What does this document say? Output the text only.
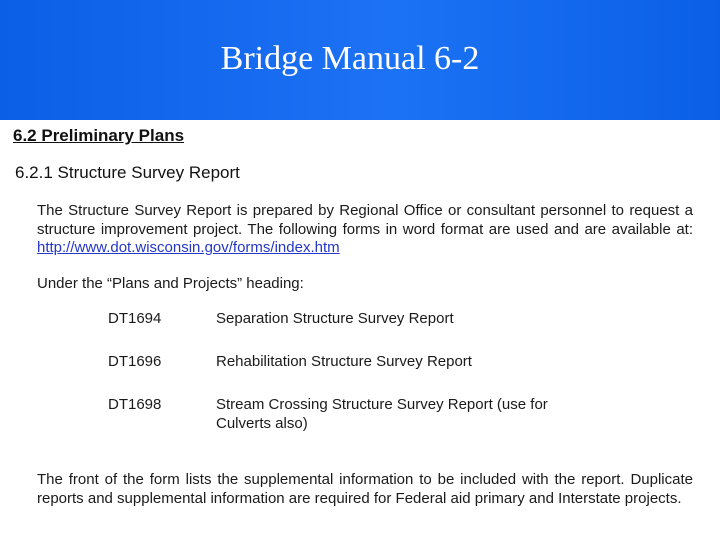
Bridge Manual 6-2
6.2 Preliminary Plans
6.2.1 Structure Survey Report
The Structure Survey Report is prepared by Regional Office or consultant personnel to request a structure improvement project. The following forms in word format are used and are available at: http://www.dot.wisconsin.gov/forms/index.htm
Under the “Plans and Projects” heading:
DT1694	Separation Structure Survey Report
DT1696	Rehabilitation Structure Survey Report
DT1698	Stream Crossing Structure Survey Report (use for Culverts also)
The front of the form lists the supplemental information to be included with the report. Duplicate reports and supplemental information are required for Federal aid primary and Interstate projects.
